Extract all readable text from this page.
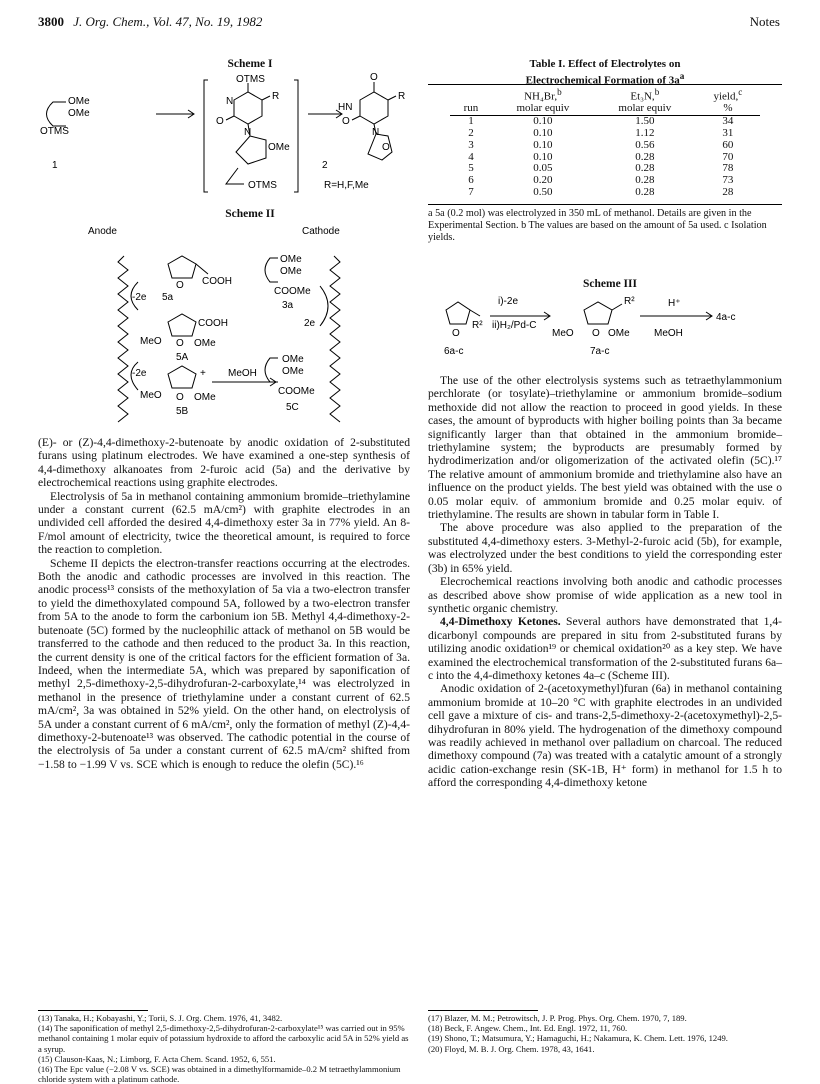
3800 J. Org. Chem., Vol. 47, No. 19, 1982	Notes
Scheme I
OMe
OMe
OTMS
1
OTMS
N	R
O
N
OMe
OTMS
O
HN
R
O
N
O
2
R=H,F,Me
Scheme II
Anode	Cathode
O COOH
-2e 5a
OMe
OMe
COOMe
3a
2e
COOH
MeO O OMe
5A
-2e	+ MeOH
MeO O OMe
5B
OMe
OMe
COOMe
5C

(E)- or (Z)-4,4-dimethoxy-2-butenoate by anodic oxidation of 2-substituted furans using platinum electrodes. We have examined a one-step synthesis of 4,4-dimethoxy alkanoates from 2-furoic acid (5a) and the derivative by electrochemical reactions using graphite electrodes.

Electrolysis of 5a in methanol containing ammonium bromide–triethylamine under a constant current (62.5 mA/cm²) with graphite electrodes in an undivided cell afforded the desired 4,4-dimethoxy ester 3a in 77% yield. An 8-F/mol amount of electricity, twice the theoretical amount, is required to force the reaction to completion.

Scheme II depicts the electron-transfer reactions occurring at the electrodes. Both the anodic and cathodic processes are involved in this reaction. The anodic process¹³ consists of the methoxylation of 5a via a two-electron transfer to yield the dimethoxylated compound 5A, followed by a two-electron transfer from 5A to the anode to form the carbonium ion 5B. Methyl 4,4-dimethoxy-2-butenoate (5C) formed by the nucleophilic attack of methanol on 5B would be transferred to the cathode and then reduced to the product 3a. In this reaction, the current density is one of the critical factors for the efficient formation of 3a. Indeed, when the intermediate 5A, which was prepared by saponification of methyl 2,5-dimethoxy-2,5-dihydrofuran-2-carboxylate,¹⁴ was electrolyzed in methanol in the presence of triethylamine under a constant current of 62.5 mA/cm², 3a was obtained in 52% yield. On the other hand, on electrolysis of 5A under a constant current of 6 mA/cm², only the formation of methyl (Z)-4,4-dimethoxy-2-butenoate¹³ was observed. The cathodic potential in the course of the electrolysis of 5a under a constant current of 62.5 mA/cm² shifted from −1.58 to −1.99 V vs. SCE which is enough to reduce the olefin (5C).¹⁶

(13) Tanaka, H.; Kobayashi, Y.; Torii, S. J. Org. Chem. 1976, 41, 3482.

(14) The saponification of methyl 2,5-dimethoxy-2,5-dihydrofuran-2-carboxylate¹⁵ was carried out in 95% methanol containing 1 molar equiv of potassium hydroxide to afford the carboxylic acid 5A in 52% yield as a syrup.

(15) Clauson-Kaas, N.; Limborg, F. Acta Chem. Scand. 1952, 6, 551.

(16) The Epc value (−2.08 V vs. SCE) was obtained in a dimethylformamide–0.2 M tetraethylammonium chloride system with a platinum cathode.

Table I. Effect of Electrolytes on
Electrochemical Formation of $3a^a$
	NH₄Br,$^b$	Et₃N,$^b$	yield,$^c$
run	molar equiv	molar equiv	%
1	0.10	1.50	34
2	0.10	1.12	31
3	0.10	0.56	60
4	0.10	0.28	70
5	0.05	0.28	78
6	0.20	0.28	73
7	0.50	0.28	28
a 5a (0.2 mol) was electrolyzed in 350 mL of methanol. Details are given in the Experimental Section. b The values are based on the amount of 5a used. c Isolation yields.
Scheme III
i)-2e
ii)H₂/Pd-C
O
R²
6a-c
MeO O OMe
R²
7a-c
H⁺
MeOH
4a-c

The use of the other electrolysis systems such as tetraethylammonium perchlorate (or tosylate)–triethylamine or ammonium bromide–sodium methoxide did not allow the reaction to proceed in good yields. In these cases, the amount of byproducts with higher boiling points than 3a became significantly larger than that obtained in the ammonium bromide–triethylamine system; the byproducts are presumably formed by hydrodimerization and/or oligomerization of the activated olefin (5C).¹⁷ The relative amount of ammonium bromide and triethylamine also have an influence on the product yields. The best yield was obtained with the use o 0.05 molar equiv. of ammonium bromide and 0.25 molar equiv. of triethylamine. The results are shown in tabular form in Table I.

The above procedure was also applied to the preparation of the substituted 4,4-dimethoxy esters. 3-Methyl-2-furoic acid (5b), for example, was electrolyzed under the best conditions to yield the corresponding ester (3b) in 65% yield.

Elecrochemical reactions involving both anodic and cathodic processes as described above show promise of wide application as a new tool in synthetic organic chemistry.

4,4-Dimethoxy Ketones. Several authors have demonstrated that 1,4-dicarbonyl compounds are prepared in situ from 2-substituted furans by utilizing anodic oxidation¹⁹ or chemical oxidation²⁰ as a key step. We have examined the electrochemical transformation of the 2-substituted furans 6a–c into the 4,4-dimethoxy ketones 4a–c (Scheme III).

Anodic oxidation of 2-(acetoxymethyl)furan (6a) in methanol containing ammonium bromide at 10–20 °C with graphite electrodes in an undivided cell gave a mixture of cis- and trans-2,5-dimethoxy-2-(acetoxymethyl)-2,5-dihydrofuran in 80% yield. The hydrogenation of the dimethoxy compound was readily achieved in methanol over palladium on charcoal. The reduced dimethoxy compound (7a) was treated with a catalytic amount of a strongly acidic cation-exchange resin (SK-1B, H⁺ form) in methanol for 1.5 h to afford the corresponding 4,4-dimethoxy ketone

(17) Blazer, M. M.; Petrowitsch, J. P. Prog. Phys. Org. Chem. 1970, 7, 189.

(18) Beck, F. Angew. Chem., Int. Ed. Engl. 1972, 11, 760.

(19) Shono, T.; Matsumura, Y.; Hamaguchi, H.; Nakamura, K. Chem. Lett. 1976, 1249.

(20) Floyd, M. B. J. Org. Chem. 1978, 43, 1641.
